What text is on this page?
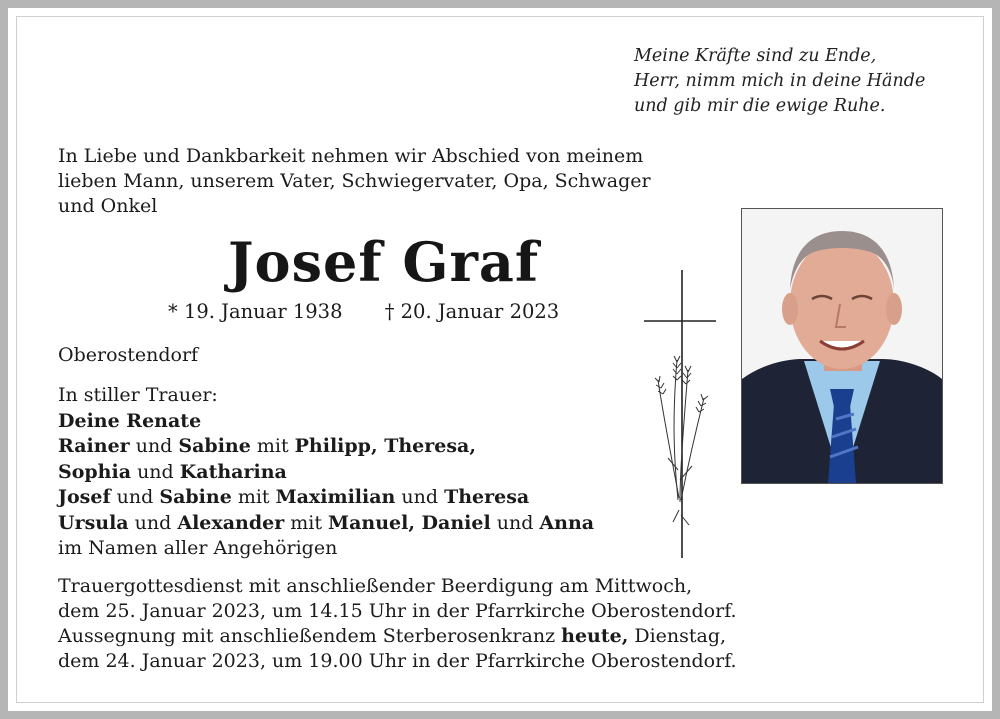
Meine Kräfte sind zu Ende,
Herr, nimm mich in deine Hände
und gib mir die ewige Ruhe.
In Liebe und Dankbarkeit nehmen wir Abschied von meinem
lieben Mann, unserem Vater, Schwiegervater, Opa, Schwager
und Onkel
Josef Graf
* 19. Januar 1938 † 20. Januar 2023
Oberostendorf
In stiller Trauer:
Deine Renate
Rainer und Sabine mit Philipp, Theresa,
Sophia und Katharina
Josef und Sabine mit Maximilian und Theresa
Ursula und Alexander mit Manuel, Daniel und Anna
im Namen aller Angehörigen
Trauergottesdienst mit anschließender Beerdigung am Mittwoch,
dem 25. Januar 2023, um 14.15 Uhr in der Pfarrkirche Oberostendorf.
Aussegnung mit anschließendem Sterberosenkranz heute, Dienstag,
dem 24. Januar 2023, um 19.00 Uhr in der Pfarrkirche Oberostendorf.
